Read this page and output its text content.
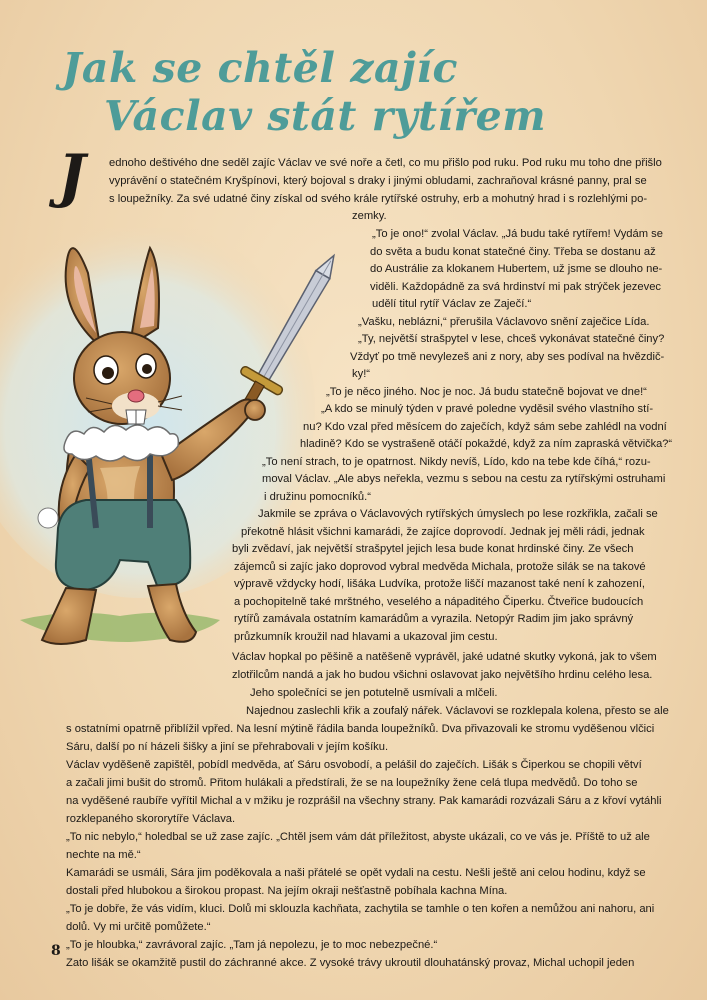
Jak se chtěl zajíc

Václav stát rytířem
J ednoho deštivého dne seděl zajíc Václav ve své noře a četl, co mu přišlo pod ruku. Pod ruku mu toho dne přišlo
vyprávění o statečném Kryšpínovi, který bojoval s draky i jinými obludami, zachraňoval krásné panny, pral se
s loupežníky. Za své udatné činy získal od svého krále rytířské ostruhy, erb a mohutný hrad i s rozlehlými po-
zemky.
„To je ono!“ zvolal Václav. „Já budu také rytířem! Vydám se
do světa a budu konat statečné činy. Třeba se dostanu až
do Austrálie za klokanem Hubertem, už jsme se dlouho ne-
viděli. Každopádně za svá hrdinství mi pak strýček jezevec
udělí titul rytíř Václav ze Zaječí.“
„Vašku, neblázni,“ přerušila Václavovo snění zaječice Lída.
„Ty, největší strašpytel v lese, chceš vykonávat statečné činy?
Vždyť po tmě nevylezeš ani z nory, aby ses podíval na hvězdič-
ky!“
„To je něco jiného. Noc je noc. Já budu statečně bojovat ve dne!“
„A kdo se minulý týden v pravé poledne vyděsil svého vlastního stí-
nu? Kdo vzal před měsícem do zaječích, když sám sebe zahlédl na vodní
hladině? Kdo se vystrašeně otáčí pokaždé, když za ním zapraská větvička?“
„To není strach, to je opatrnost. Nikdy nevíš, Lído, kdo na tebe kde číhá,“ rozu-
moval Václav. „Ale abys neřekla, vezmu s sebou na cestu za rytířskými ostruhami
i družinu pomocníků.“
Jakmile se zpráva o Václavových rytířských úmyslech po lese rozkřikla, začali se
překotně hlásit všichni kamarádi, že zajíce doprovodí. Jednak jej měli rádi, jednak
byli zvědaví, jak největší strašpytel jejich lesa bude konat hrdinské činy. Ze všech
zájemců si zajíc jako doprovod vybral medvěda Michala, protože silák se na takové
výpravě vždycky hodí, lišáka Ludvíka, protože liščí mazanost také není k zahození,
a pochopitelně také mrštného, veselého a nápaditého Čiperku. Čtveřice budoucích
rytířů zamávala ostatním kamarádům a vyrazila. Netopýr Radim jim jako správný
průzkumník kroužil nad hlavami a ukazoval jim cestu.
Václav hopkal po pěšině a natěšeně vyprávěl, jaké udatné skutky vykoná, jak to všem
zlotřilcům nandá a jak ho budou všichni oslavovat jako největšího hrdinu celého lesa.
Jeho společníci se jen potutelně usmívali a mlčeli.
Najednou zaslechli křik a zoufalý nářek. Václavovi se rozklepala kolena, přesto se ale
s ostatními opatrně přiblížil vpřed. Na lesní mýtině řádila banda loupežníků. Dva přivazovali ke stromu vyděšenou vlčici
Sáru, další po ní házeli šišky a jiní se přehrabovali v jejím košíku.
Václav vyděšeně zapištěl, pobídl medvěda, ať Sáru osvobodí, a pelášil do zaječích. Lišák s Čiperkou se chopili větví
a začali jimi bušit do stromů. Přitom hulákali a předstírali, že se na loupežníky žene celá tlupa medvědů. Do toho se
na vyděšené raubíře vyřítil Michal a v mžiku je rozprášil na všechny strany. Pak kamarádi rozvázali Sáru a z křoví vytáhli
rozklepaného skororytíře Václava.
„To nic nebylo,“ holedbal se už zase zajíc. „Chtěl jsem vám dát příležitost, abyste ukázali, co ve vás je. Příště to už ale
nechte na mě.“
Kamarádi se usmáli, Sára jim poděkovala a naši přátelé se opět vydali na cestu. Nešli ještě ani celou hodinu, když se
dostali před hlubokou a širokou propast. Na jejím okraji nešťastně pobíhala kachna Mína.
„To je dobře, že vás vidím, kluci. Dolů mi sklouzla kachňata, zachytila se tamhle o ten kořen a nemůžou ani nahoru, ani
dolů. Vy mi určitě pomůžete.“
„To je hloubka,“ zavrávoral zajíc. „Tam já nepolezu, je to moc nebezpečné.“
Zato lišák se okamžitě pustil do záchranné akce. Z vysoké trávy ukroutil dlouhatánský provaz, Michal uchopil jeden
8
